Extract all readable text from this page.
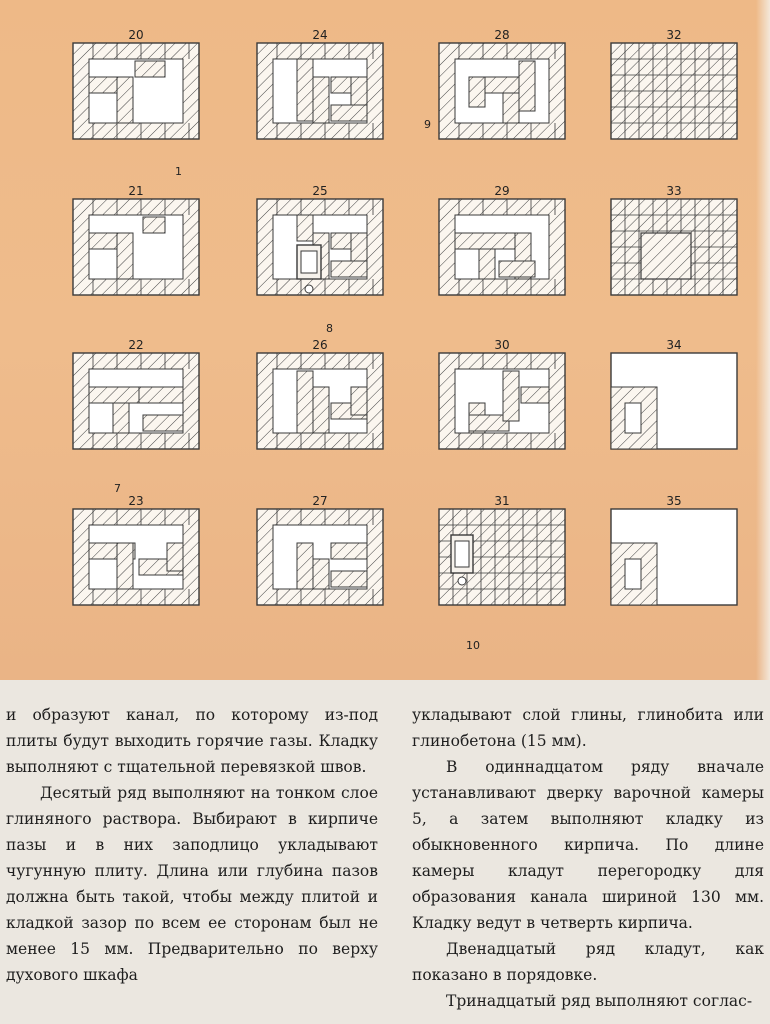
20	24	28	32
21	25	29	33
22	26	30	34
23	27	31	35
1
7
8
9
10

и образуют канал, по которому из-под плиты будут выходить горячие газы. Кладку выполняют с тщательной перевязкой швов.

Десятый ряд выполняют на тонком слое глиняного раствора. Выбирают в кирпиче пазы и в них заподлицо укладывают чугунную плиту. Длина или глубина пазов должна быть такой, чтобы между плитой и кладкой зазор по всем ее сторонам был не менее 15 мм. Предварительно по верху духового шкафа

укладывают слой глины, глинобита или глинобетона (15 мм).

В одиннадцатом ряду вначале устанавливают дверку варочной камеры 5, а затем выполняют кладку из обыкновенного кирпича. По длине камеры кладут перегородку для образования канала шириной 130 мм. Кладку ведут в четверть кирпича.

Двенадцатый ряд кладут, как показано в порядовке.

Тринадцатый ряд выполняют соглас-
